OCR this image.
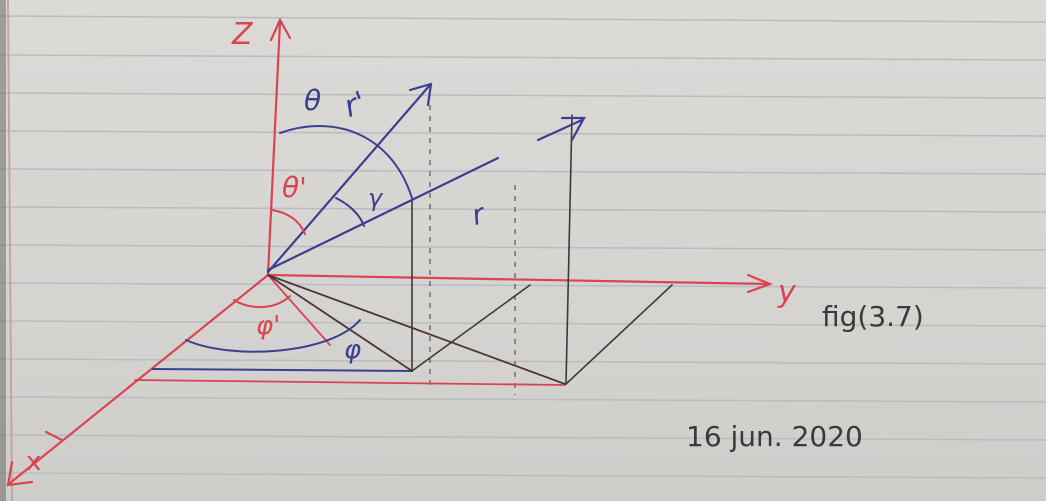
Z
y
x
r'
r
θ
γ
θ'
φ
φ'	fig(3.7)
16 jun. 2020
